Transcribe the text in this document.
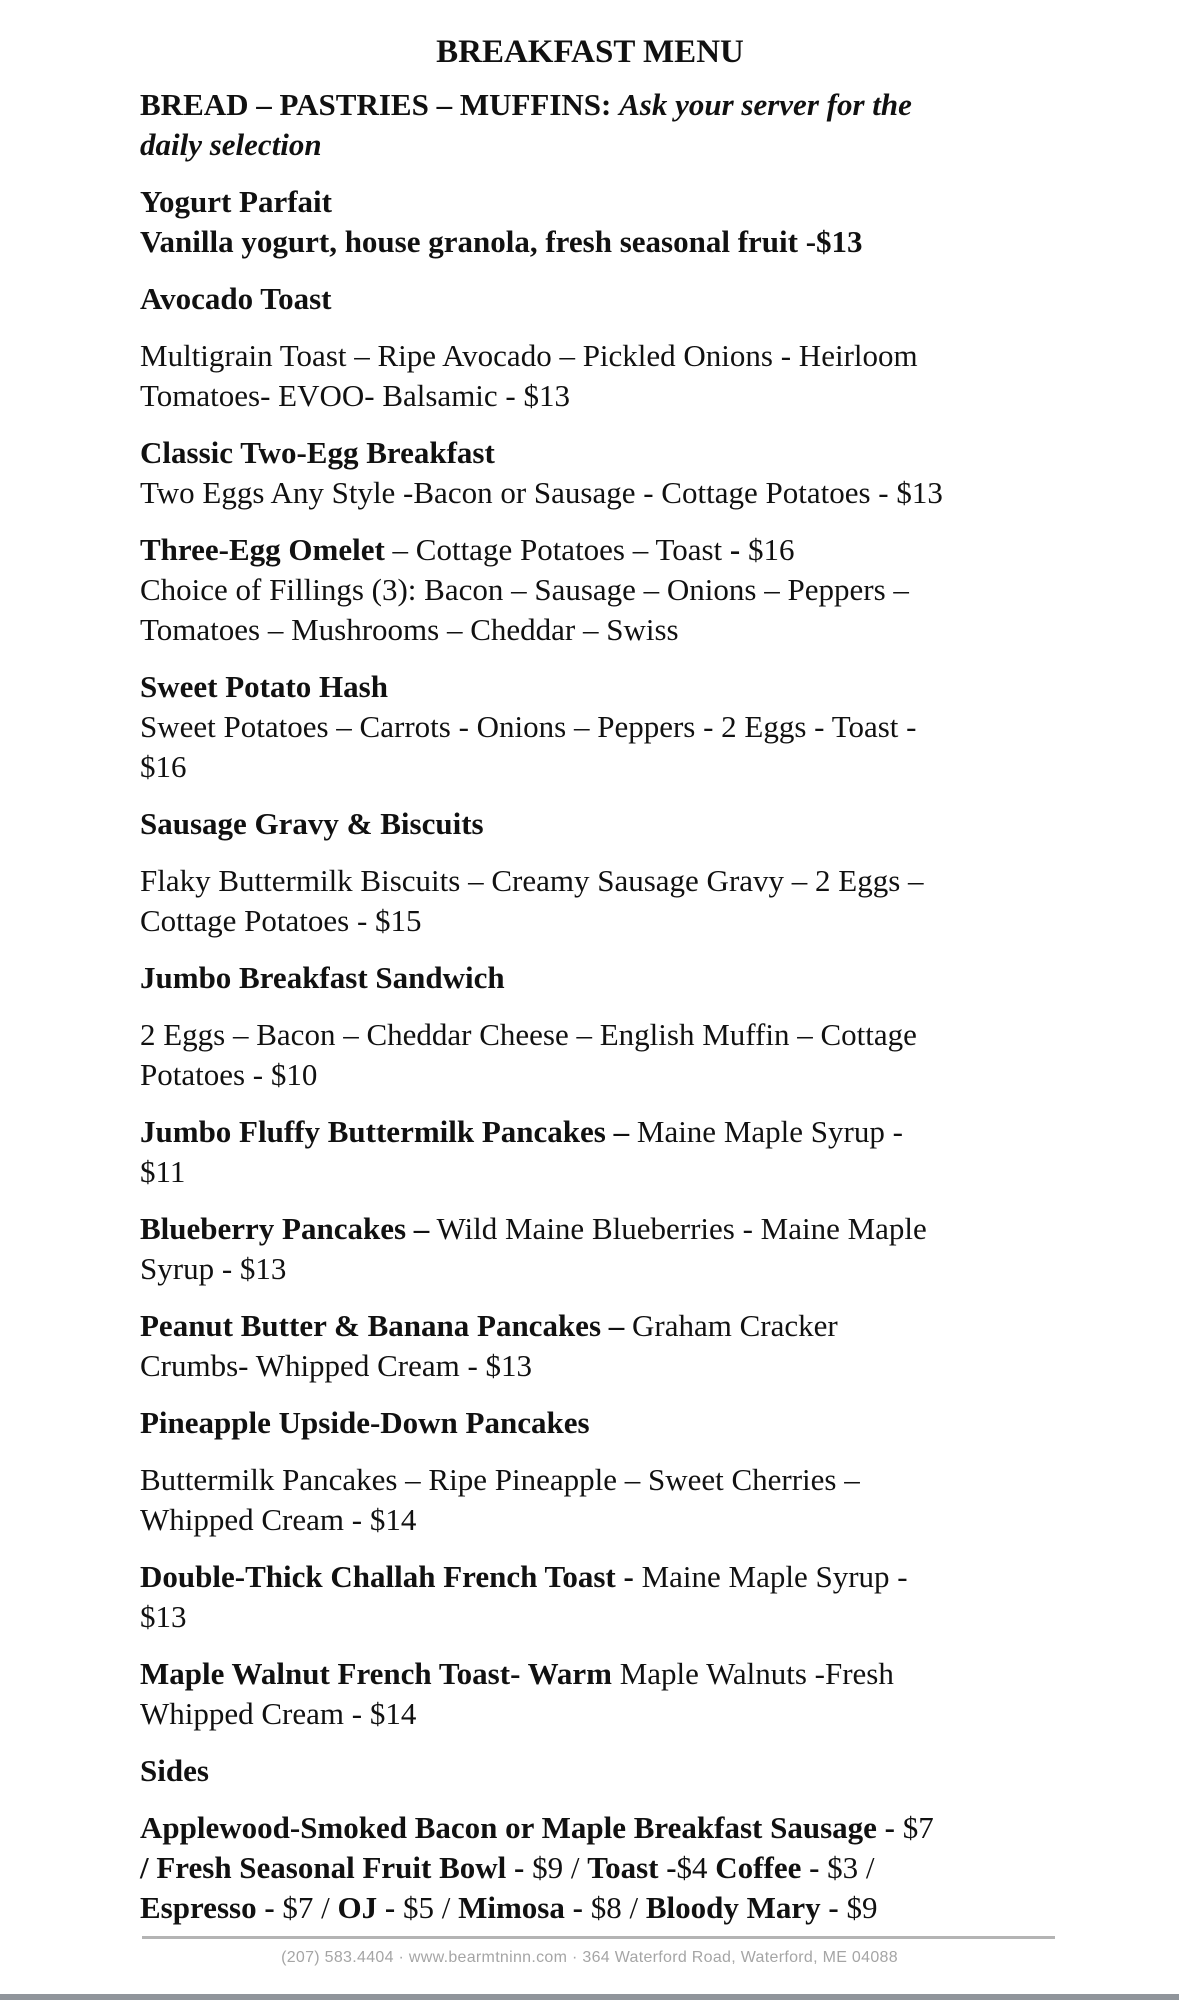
BREAKFAST MENU
BREAD – PASTRIES – MUFFINS: Ask your server for the
daily selection
Yogurt Parfait
Vanilla yogurt, house granola, fresh seasonal fruit -$13
Avocado Toast
Multigrain Toast – Ripe Avocado – Pickled Onions - Heirloom
Tomatoes- EVOO- Balsamic - $13
Classic Two-Egg Breakfast
Two Eggs Any Style -Bacon or Sausage - Cottage Potatoes - $13
Three-Egg Omelet – Cottage Potatoes – Toast - $16
Choice of Fillings (3): Bacon – Sausage – Onions – Peppers –
Tomatoes – Mushrooms – Cheddar – Swiss
Sweet Potato Hash
Sweet Potatoes – Carrots - Onions – Peppers - 2 Eggs - Toast -
$16
Sausage Gravy & Biscuits
Flaky Buttermilk Biscuits – Creamy Sausage Gravy – 2 Eggs –
Cottage Potatoes - $15
Jumbo Breakfast Sandwich
2 Eggs – Bacon – Cheddar Cheese – English Muffin – Cottage
Potatoes - $10
Jumbo Fluffy Buttermilk Pancakes – Maine Maple Syrup -
$11
Blueberry Pancakes – Wild Maine Blueberries - Maine Maple
Syrup - $13
Peanut Butter & Banana Pancakes – Graham Cracker
Crumbs- Whipped Cream - $13
Pineapple Upside-Down Pancakes
Buttermilk Pancakes – Ripe Pineapple – Sweet Cherries –
Whipped Cream - $14
Double-Thick Challah French Toast - Maine Maple Syrup -
$13
Maple Walnut French Toast- Warm Maple Walnuts -Fresh
Whipped Cream - $14
Sides
Applewood-Smoked Bacon or Maple Breakfast Sausage - $7
/ Fresh Seasonal Fruit Bowl - $9 / Toast -$4 Coffee - $3 /
Espresso - $7 / OJ - $5 / Mimosa - $8 / Bloody Mary - $9
(207) 583.4404 · www.bearmtninn.com · 364 Waterford Road, Waterford, ME 04088
